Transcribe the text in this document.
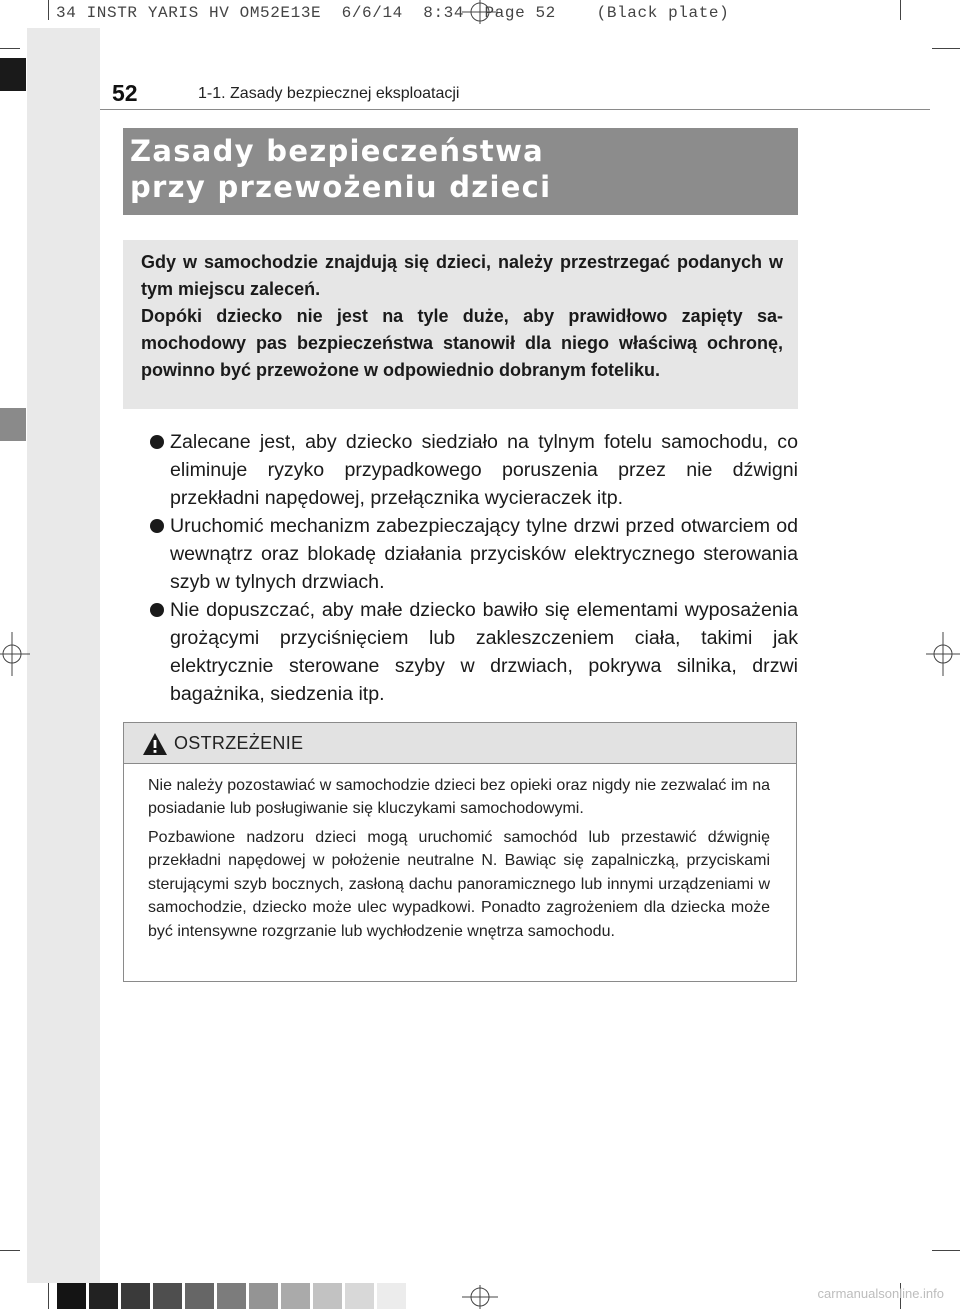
34 INSTR YARIS HV OM52E13E  6/6/14  8:34  Page 52    (Black plate)
52	1-1. Zasady bezpiecznej eksploatacji
Zasady bezpieczeństwa
przy przewożeniu dzieci

Gdy w samochodzie znajdują się dzieci, należy przestrzegać podanych w tym miejscu zaleceń.

Dopóki dziecko nie jest na tyle duże, aby prawidłowo zapięty samochodowy pas bezpieczeństwa stanowił dla niego właściwą ochronę, powinno być przewożone w odpowiednio dobranym foteliku.

Zalecane jest, aby dziecko siedziało na tylnym fotelu samochodu, co eliminuje ryzyko przypadkowego poruszenia przez nie dźwigni przekładni napędowej, przełącznika wycieraczek itp.
Uruchomić mechanizm zabezpieczający tylne drzwi przed otwarciem od wewnątrz oraz blokadę działania przycisków elektrycznego sterowania szyb w tylnych drzwiach.
Nie dopuszczać, aby małe dziecko bawiło się elementami wyposażenia grożącymi przyciśnięciem lub zakleszczeniem ciała, takimi jak elektrycznie sterowane szyby w drzwiach, pokrywa silnika, drzwi bagażnika, siedzenia itp.
OSTRZEŻENIE

Nie należy pozostawiać w samochodzie dzieci bez opieki oraz nigdy nie zezwalać im na posiadanie lub posługiwanie się kluczykami samochodowymi.

Pozbawione nadzoru dzieci mogą uruchomić samochód lub przestawić dźwignię przekładni napędowej w położenie neutralne N. Bawiąc się zapalniczką, przyciskami sterującymi szyb bocznych, zasłoną dachu panoramicznego lub innymi urządzeniami w samochodzie, dziecko może ulec wypadkowi. Ponadto zagrożeniem dla dziecka może być intensywne rozgrzanie lub wychłodzenie wnętrza samochodu.

carmanualsonline.info
